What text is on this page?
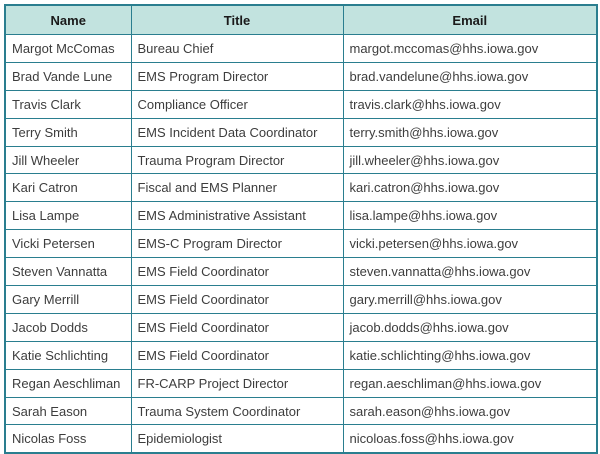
Name	Title	Email
Margot McComas	Bureau Chief	margot.mccomas@hhs.iowa.gov
Brad Vande Lune	EMS Program Director	brad.vandelune@hhs.iowa.gov
Travis Clark	Compliance Officer	travis.clark@hhs.iowa.gov
Terry Smith	EMS Incident Data Coordinator	terry.smith@hhs.iowa.gov
Jill Wheeler	Trauma Program Director	jill.wheeler@hhs.iowa.gov
Kari Catron	Fiscal and EMS Planner	kari.catron@hhs.iowa.gov
Lisa Lampe	EMS Administrative Assistant	lisa.lampe@hhs.iowa.gov
Vicki Petersen	EMS-C Program Director	vicki.petersen@hhs.iowa.gov
Steven Vannatta	EMS Field Coordinator	steven.vannatta@hhs.iowa.gov
Gary Merrill	EMS Field Coordinator	gary.merrill@hhs.iowa.gov
Jacob Dodds	EMS Field Coordinator	jacob.dodds@hhs.iowa.gov
Katie Schlichting	EMS Field Coordinator	katie.schlichting@hhs.iowa.gov
Regan Aeschliman	FR-CARP Project Director	regan.aeschliman@hhs.iowa.gov
Sarah Eason	Trauma System Coordinator	sarah.eason@hhs.iowa.gov
Nicolas Foss	Epidemiologist	nicoloas.foss@hhs.iowa.gov
